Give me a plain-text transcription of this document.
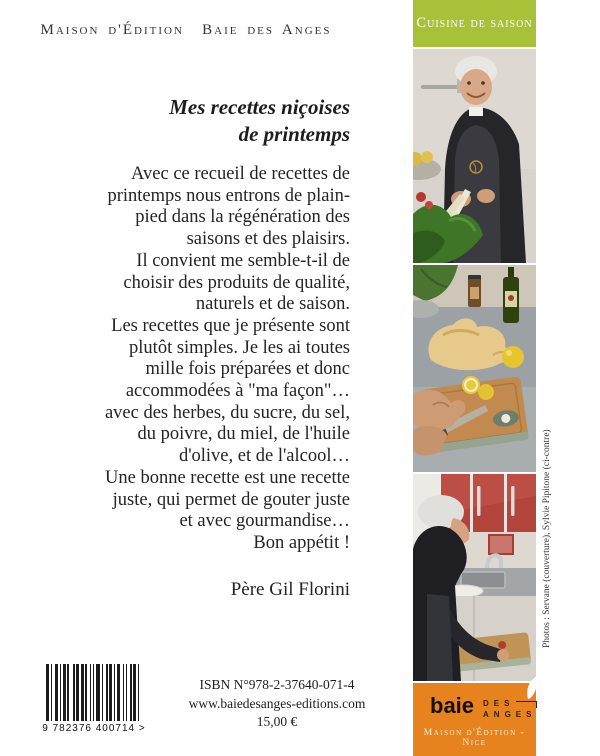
Maison d'Édition  Baie des Anges	Cuisine de saison
Mes recettes niçoises
de printemps
Avec ce recueil de recettes de
printemps nous entrons de plain-
pied dans la régénération des
saisons et des plaisirs.
Il convient me semble-t-il de
choisir des produits de qualité,
naturels et de saison.
Les recettes que je présente sont
plutôt simples. Je les ai toutes
mille fois préparées et donc
accommodées à "ma façon"…
avec des herbes, du sucre, du sel,
du poivre, du miel, de l'huile
d'olive, et de l'alcool…
Une bonne recette est une recette
juste, qui permet de gouter juste
et avec gourmandise…
Bon appétit !
Père Gil Florini
baie DES
ANGES
Maison d'Édition - Nice
Photos : Servane (couverture), Sylvie Pipitone (ci-contre)
9 782376 400714 >
ISBN N°978-2-37640-071-4
www.baiedesanges-editions.com
15,00 €
